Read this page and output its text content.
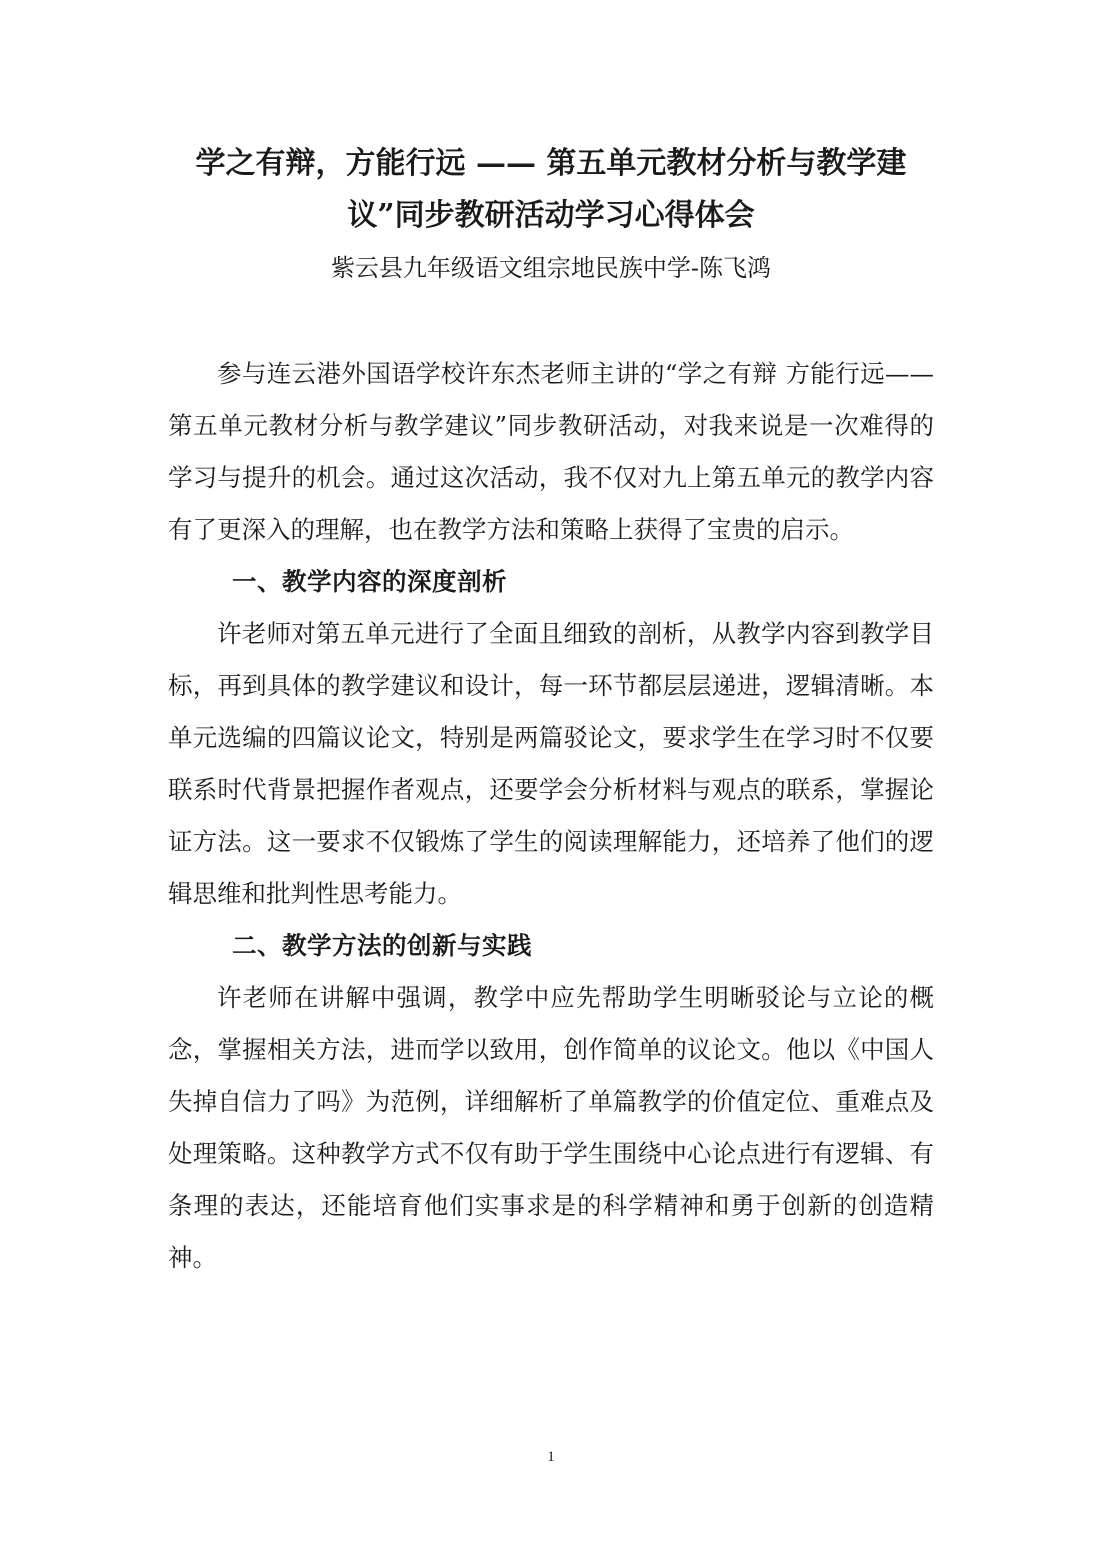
学之有辩，方能行远 —— 第五单元教材分析与教学建议”同步教研活动学习心得体会

紫云县九年级语文组宗地民族中学-陈飞鸿

参与连云港外国语学校许东杰老师主讲的“学之有辩 方能行远——第五单元教材分析与教学建议”同步教研活动，对我来说是一次难得的学习与提升的机会。通过这次活动，我不仅对九上第五单元的教学内容有了更深入的理解，也在教学方法和策略上获得了宝贵的启示。

一、教学内容的深度剖析

许老师对第五单元进行了全面且细致的剖析，从教学内容到教学目标，再到具体的教学建议和设计，每一环节都层层递进，逻辑清晰。本单元选编的四篇议论文，特别是两篇驳论文，要求学生在学习时不仅要联系时代背景把握作者观点，还要学会分析材料与观点的联系，掌握论证方法。这一要求不仅锻炼了学生的阅读理解能力，还培养了他们的逻辑思维和批判性思考能力。

二、教学方法的创新与实践

许老师在讲解中强调，教学中应先帮助学生明晰驳论与立论的概念，掌握相关方法，进而学以致用，创作简单的议论文。他以《中国人失掉自信力了吗》为范例，详细解析了单篇教学的价值定位、重难点及处理策略。这种教学方式不仅有助于学生围绕中心论点进行有逻辑、有条理的表达，还能培育他们实事求是的科学精神和勇于创新的创造精神。

1
